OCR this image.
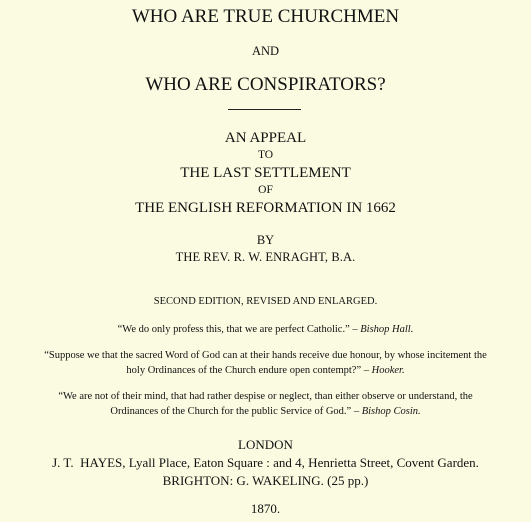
WHO ARE TRUE CHURCHMEN
AND
WHO ARE CONSPIRATORS?
AN APPEAL
TO
THE LAST SETTLEMENT
OF
THE ENGLISH REFORMATION IN 1662
BY
THE REV. R. W. ENRAGHT, B.A.
SECOND EDITION, REVISED AND ENLARGED.
“We do only profess this, that we are perfect Catholic.” – Bishop Hall.
“Suppose we that the sacred Word of God can at their hands receive due honour, by whose incitement the
holy Ordinances of the Church endure open contempt?” – Hooker.
“We are not of their mind, that had rather despise or neglect, than either observe or understand, the
Ordinances of the Church for the public Service of God.” – Bishop Cosin.
LONDON
J. T.  HAYES, Lyall Place, Eaton Square : and 4, Henrietta Street, Covent Garden.
BRIGHTON: G. WAKELING. (25 pp.)
1870.
